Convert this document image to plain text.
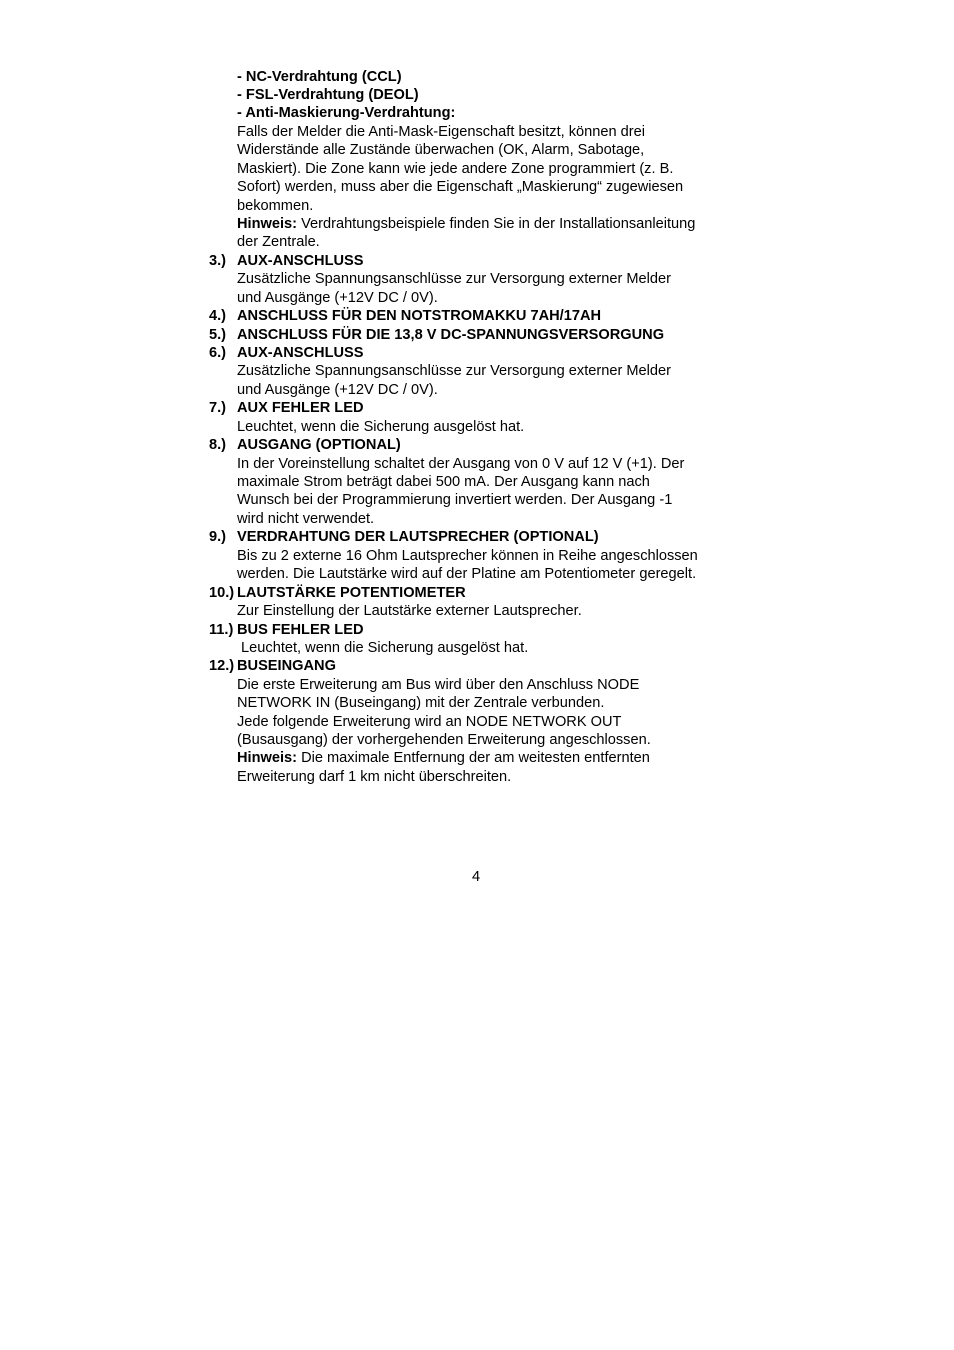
- NC-Verdrahtung (CCL)
- FSL-Verdrahtung (DEOL)
- Anti-Maskierung-Verdrahtung:
Falls der Melder die Anti-Mask-Eigenschaft besitzt, können drei
Widerstände alle Zustände überwachen (OK, Alarm, Sabotage,
Maskiert). Die Zone kann wie jede andere Zone programmiert (z. B.
Sofort) werden, muss aber die Eigenschaft „Maskierung“ zugewiesen
bekommen.
Hinweis: Verdrahtungsbeispiele finden Sie in der Installationsanleitung
der Zentrale.
3.) AUX-ANSCHLUSS
Zusätzliche Spannungsanschlüsse zur Versorgung externer Melder
und Ausgänge (+12V DC / 0V).
4.) ANSCHLUSS FÜR DEN NOTSTROMAKKU 7AH/17AH
5.) ANSCHLUSS FÜR DIE 13,8 V DC-SPANNUNGSVERSORGUNG
6.) AUX-ANSCHLUSS
Zusätzliche Spannungsanschlüsse zur Versorgung externer Melder
und Ausgänge (+12V DC / 0V).
7.) AUX FEHLER LED
Leuchtet, wenn die Sicherung ausgelöst hat.
8.) AUSGANG (OPTIONAL)
In der Voreinstellung schaltet der Ausgang von 0 V auf 12 V (+1). Der
maximale Strom beträgt dabei 500 mA. Der Ausgang kann nach
Wunsch bei der Programmierung invertiert werden. Der Ausgang -1
wird nicht verwendet.
9.) VERDRAHTUNG DER LAUTSPRECHER (OPTIONAL)
Bis zu 2 externe 16 Ohm Lautsprecher können in Reihe angeschlossen
werden. Die Lautstärke wird auf der Platine am Potentiometer geregelt.
10.) LAUTSTÄRKE POTENTIOMETER
Zur Einstellung der Lautstärke externer Lautsprecher.
11.) BUS FEHLER LED
Leuchtet, wenn die Sicherung ausgelöst hat.
12.) BUSEINGANG
Die erste Erweiterung am Bus wird über den Anschluss NODE
NETWORK IN (Buseingang) mit der Zentrale verbunden.
Jede folgende Erweiterung wird an NODE NETWORK OUT
(Busausgang) der vorhergehenden Erweiterung angeschlossen.
Hinweis: Die maximale Entfernung der am weitesten entfernten
Erweiterung darf 1 km nicht überschreiten.
4
